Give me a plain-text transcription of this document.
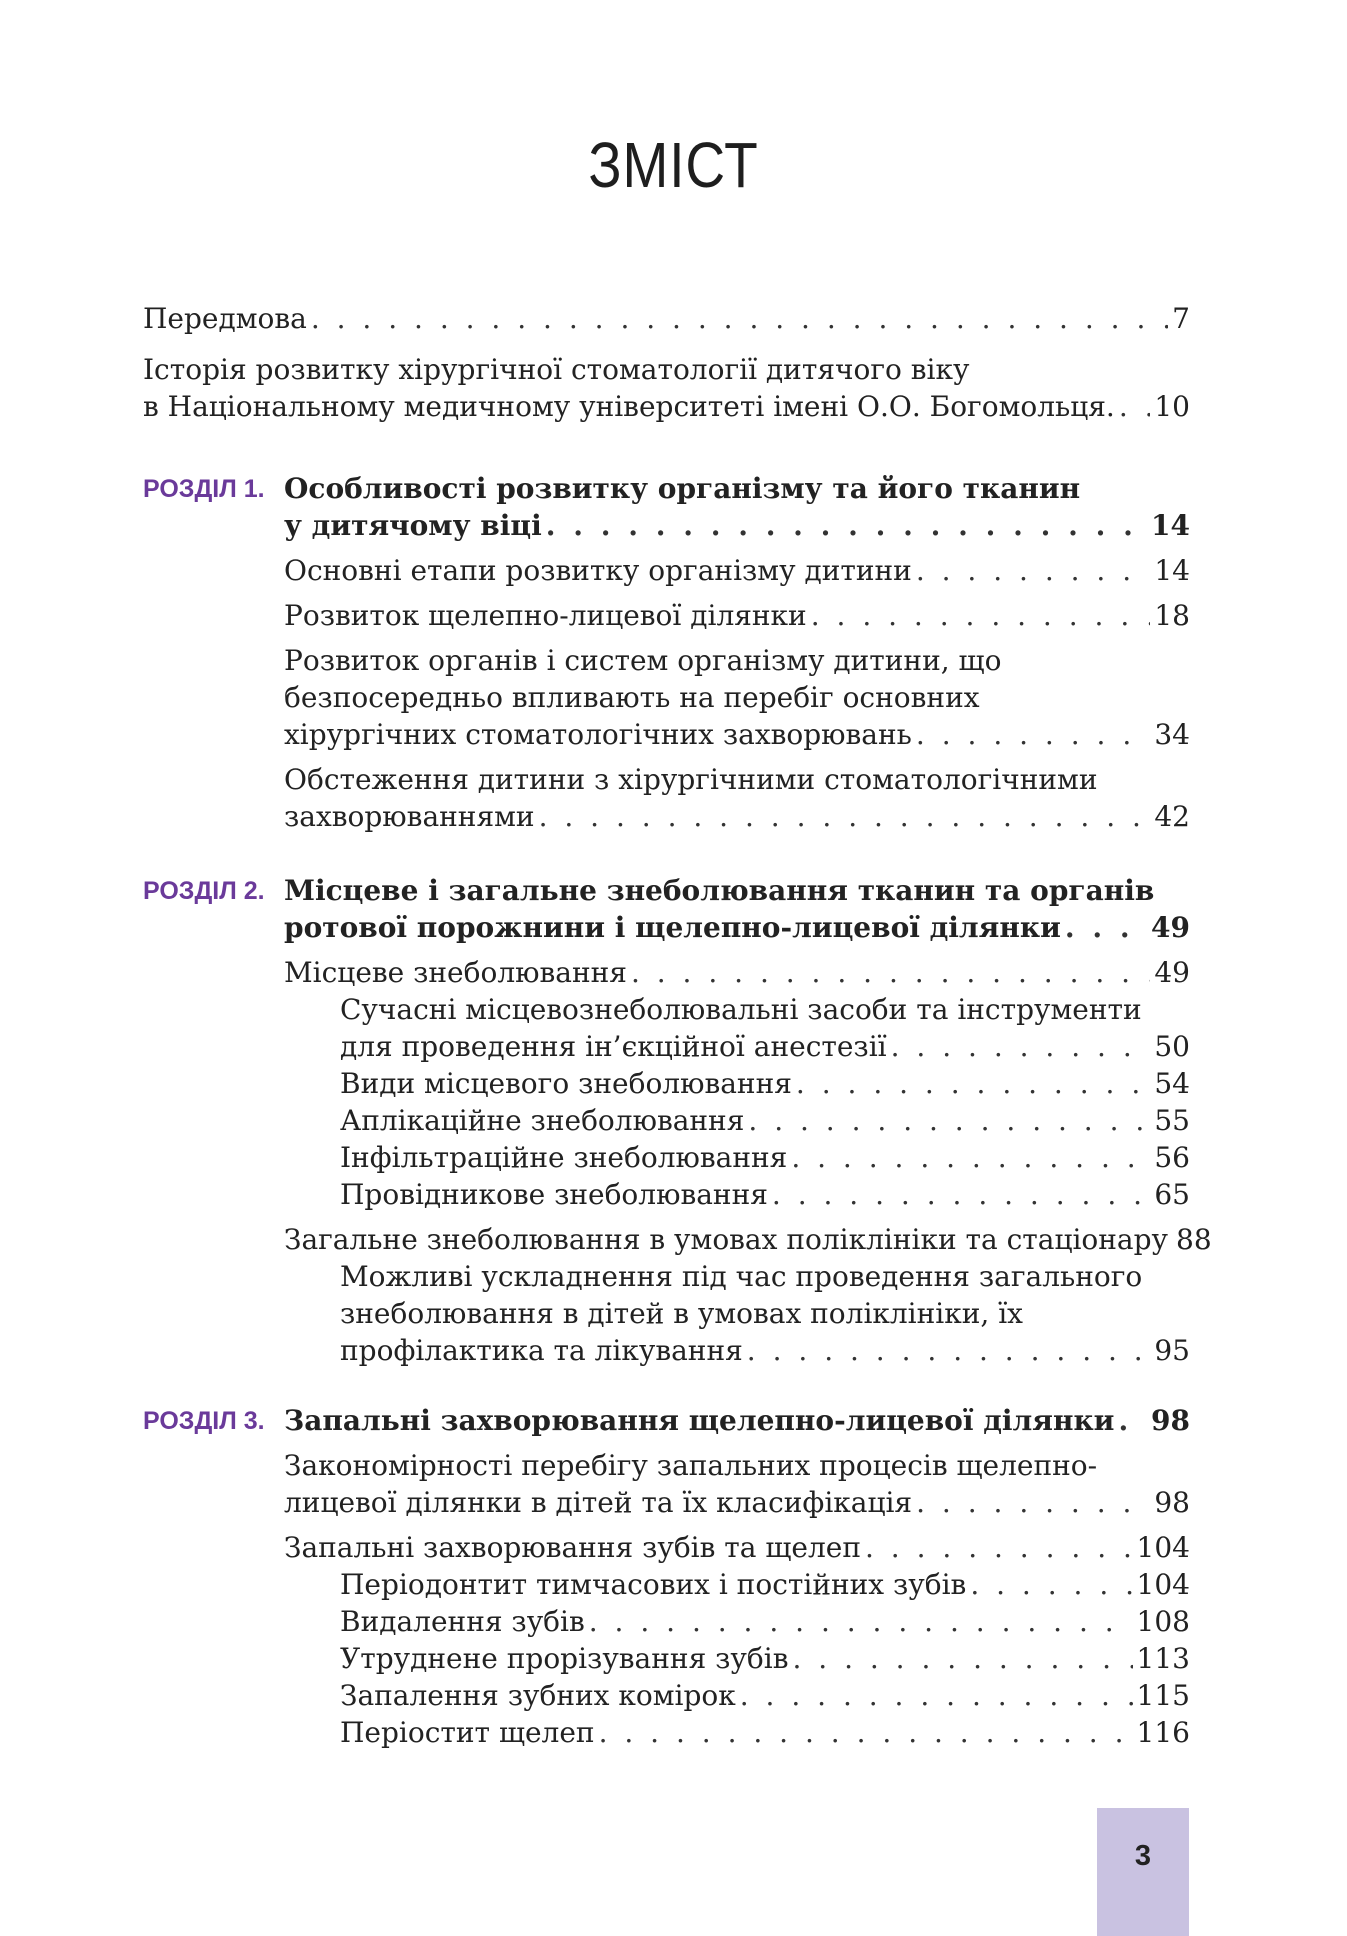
ЗМІСТ
Передмова . . .	7
Історія розвитку хірургічної стоматології дитячого віку
в Національному медичному університеті імені О.О. Богомольця. . . . 10
РОЗДІЛ 1. Особливості розвитку організму та його тканин
у дитячому віці . . .	14
Основні етапи розвитку організму дитини . . .	14
Розвиток щелепно-лицевої ділянки . . .	18
Розвиток органів і систем організму дитини, що
безпосередньо впливають на перебіг основних
хірургічних стоматологічних захворювань . . .	34
Обстеження дитини з хірургічними стоматологічними
захворюваннями . . .	42
РОЗДІЛ 2. Місцеве і загальне знеболювання тканин та органів
ротової порожнини і щелепно-лицевої ділянки . . .	49
Місцеве знеболювання . . .	49
Сучасні місцевознеболювальні засоби та інструменти
для проведення ін’єкційної анестезії . . .	50
Види місцевого знеболювання . . .	54
Аплікаційне знеболювання . . .	55
Інфільтраційне знеболювання . . .	56
Провідникове знеболювання . . .	65
Загальне знеболювання в умовах поліклініки та стаціонару 88
Можливі ускладнення під час проведення загального
знеболювання в дітей в умовах поліклініки, їх
профілактика та лікування . . .	95
РОЗДІЛ 3. Запальні захворювання щелепно-лицевої ділянки . . . 98
Закономірності перебігу запальних процесів щелепно-
лицевої ділянки в дітей та їх класифікація . . .	98
Запальні захворювання зубів та щелеп . . .	104
Періодонтит тимчасових і постійних зубів . . .	104
Видалення зубів . . .	108
Утруднене прорізування зубів . . .	113
Запалення зубних комірок . . .	115
Періостит щелеп . . .	116
3
